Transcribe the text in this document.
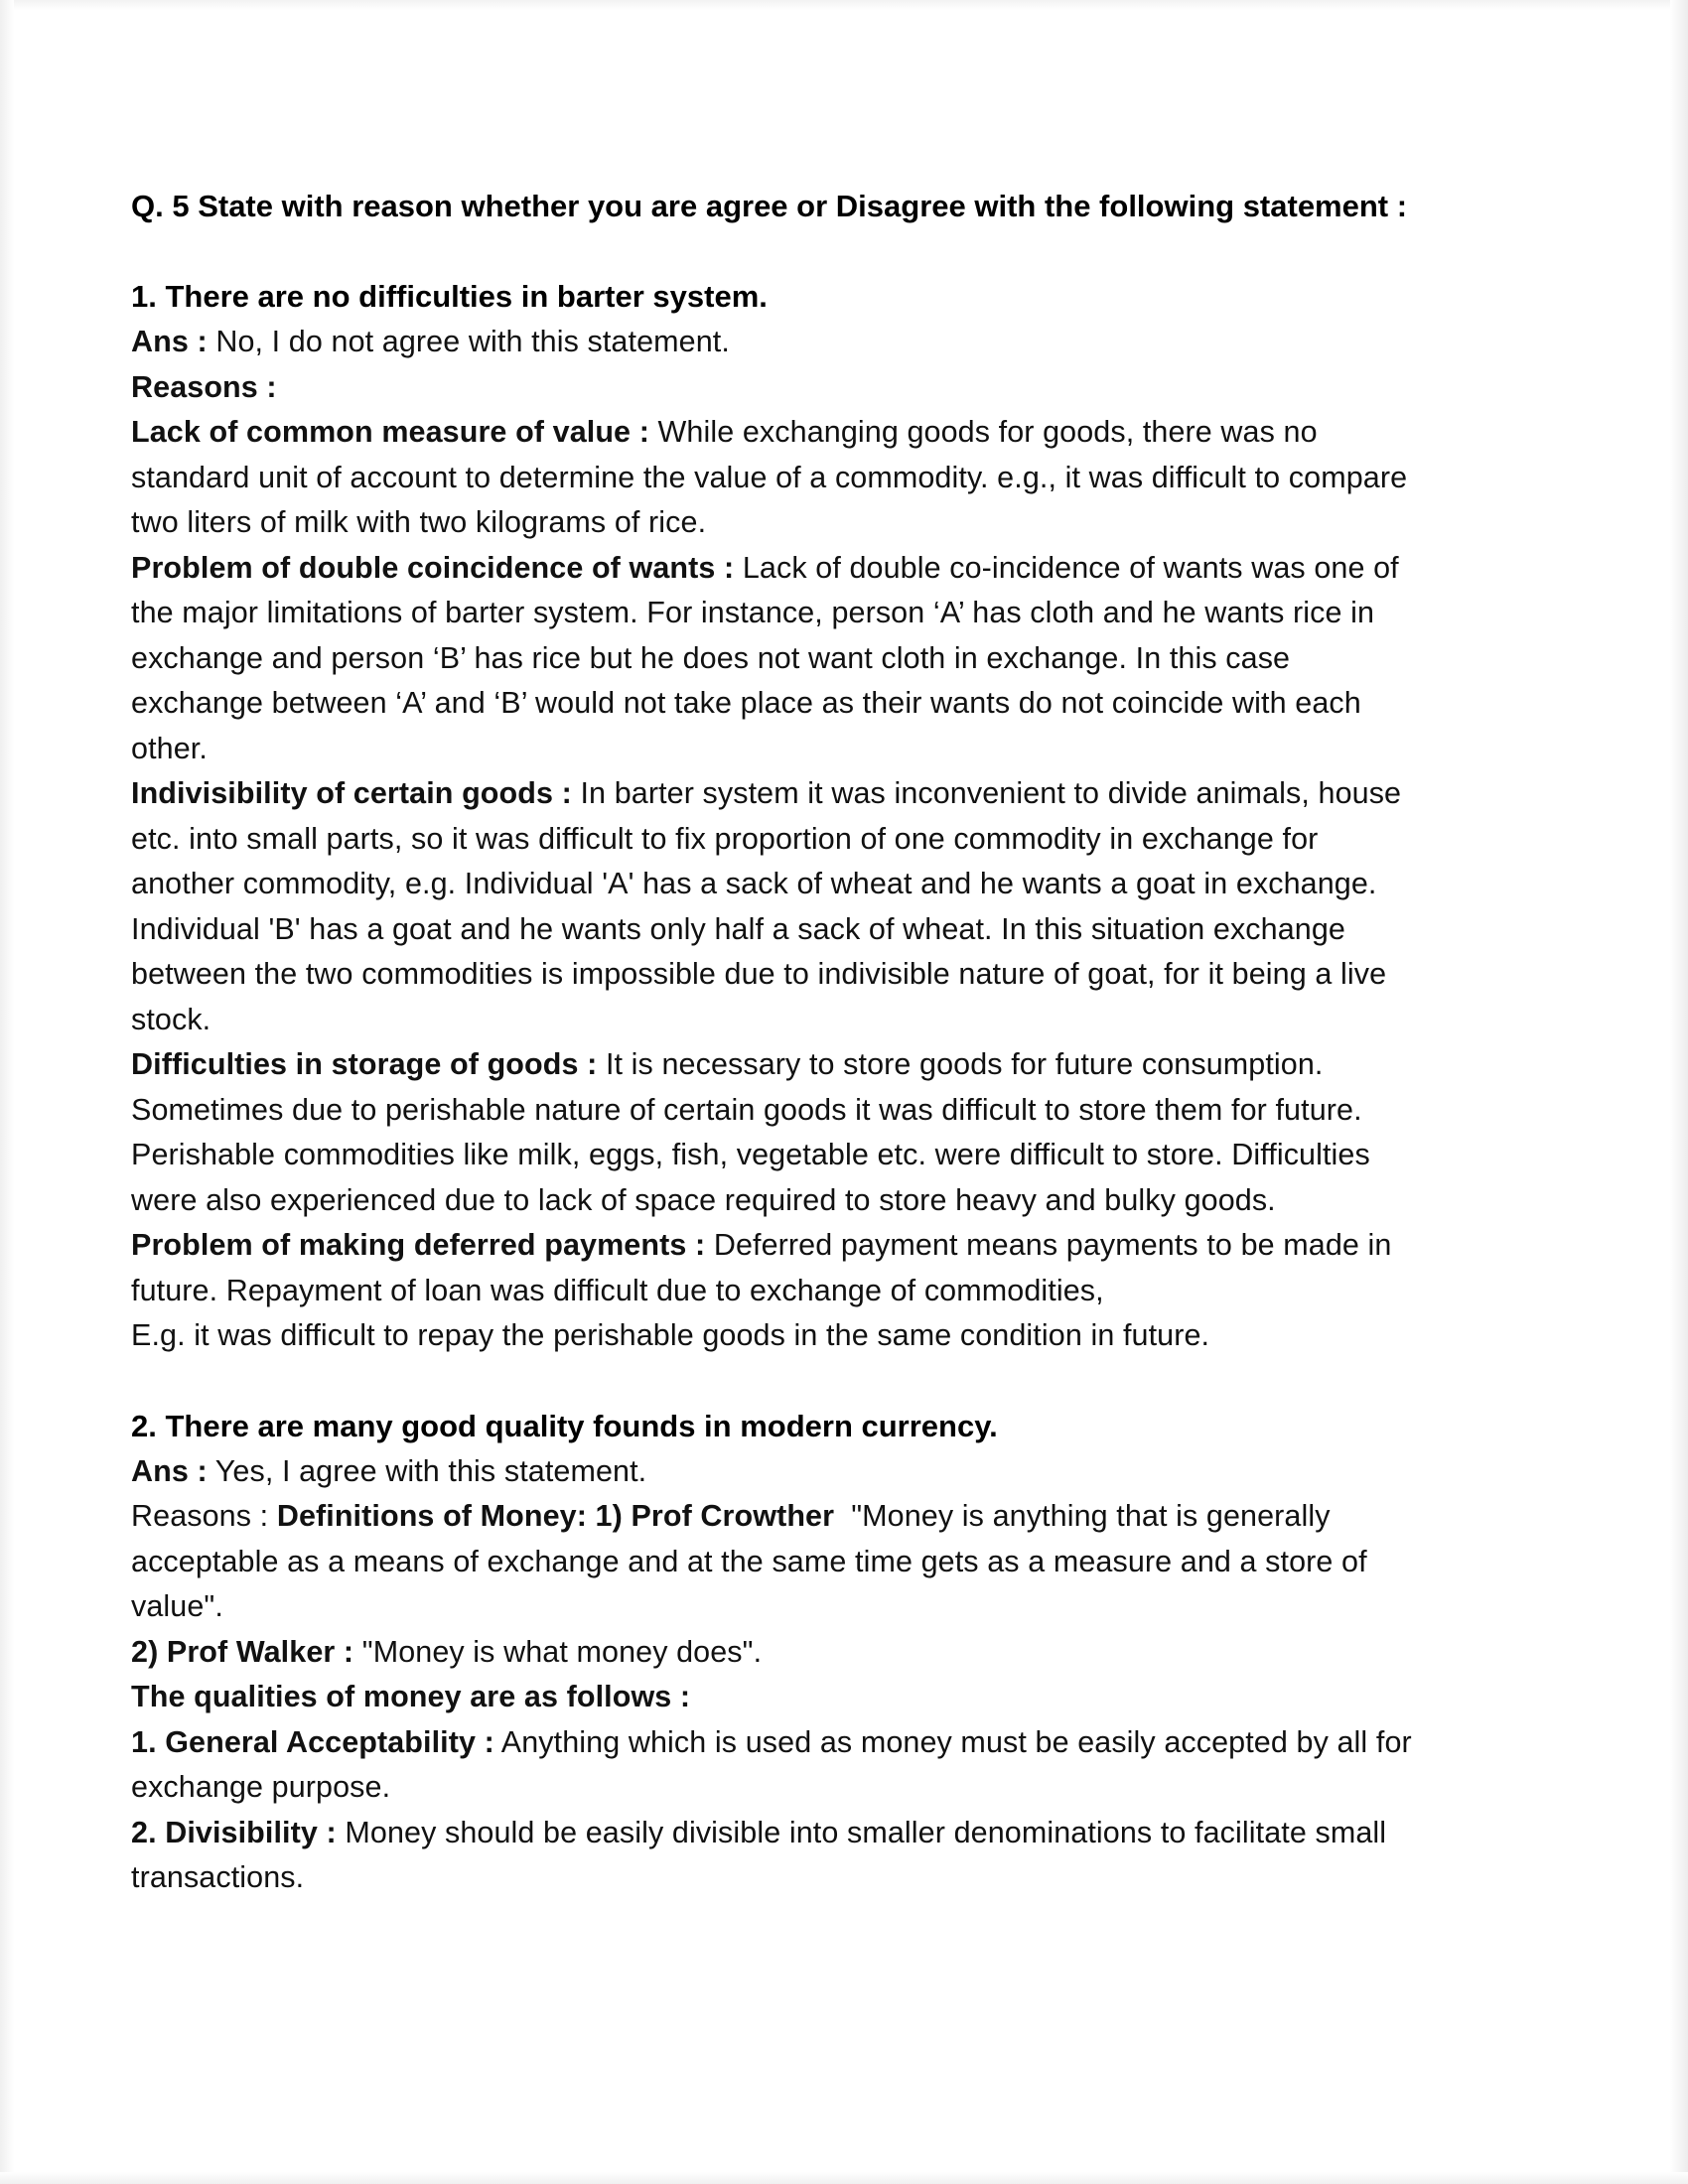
Q. 5 State with reason whether you are agree or Disagree with the following statement :
1. There are no difficulties in barter system.
Ans : No, I do not agree with this statement.
Reasons :
Lack of common measure of value : While exchanging goods for goods, there was no standard unit of account to determine the value of a commodity. e.g., it was difficult to compare two liters of milk with two kilograms of rice.
Problem of double coincidence of wants : Lack of double co-incidence of wants was one of the major limitations of barter system. For instance, person ‘A’ has cloth and he wants rice in exchange and person ‘B’ has rice but he does not want cloth in exchange. In this case exchange between ‘A’ and ‘B’ would not take place as their wants do not coincide with each other.
Indivisibility of certain goods : In barter system it was inconvenient to divide animals, house etc. into small parts, so it was difficult to fix proportion of one commodity in exchange for another commodity, e.g. Individual 'A' has a sack of wheat and he wants a goat in exchange. Individual 'B' has a goat and he wants only half a sack of wheat. In this situation exchange between the two commodities is impossible due to indivisible nature of goat, for it being a live stock.
Difficulties in storage of goods : It is necessary to store goods for future consumption. Sometimes due to perishable nature of certain goods it was difficult to store them for future. Perishable commodities like milk, eggs, fish, vegetable etc. were difficult to store. Difficulties were also experienced due to lack of space required to store heavy and bulky goods.
Problem of making deferred payments : Deferred payment means payments to be made in future. Repayment of loan was difficult due to exchange of commodities,
E.g. it was difficult to repay the perishable goods in the same condition in future.
2. There are many good quality founds in modern currency.
Ans : Yes, I agree with this statement.
Reasons : Definitions of Money: 1) Prof Crowther  "Money is anything that is generally acceptable as a means of exchange and at the same time gets as a measure and a store of value".
2) Prof Walker : "Money is what money does".
The qualities of money are as follows :
1. General Acceptability : Anything which is used as money must be easily accepted by all for exchange purpose.
2. Divisibility : Money should be easily divisible into smaller denominations to facilitate small transactions.
